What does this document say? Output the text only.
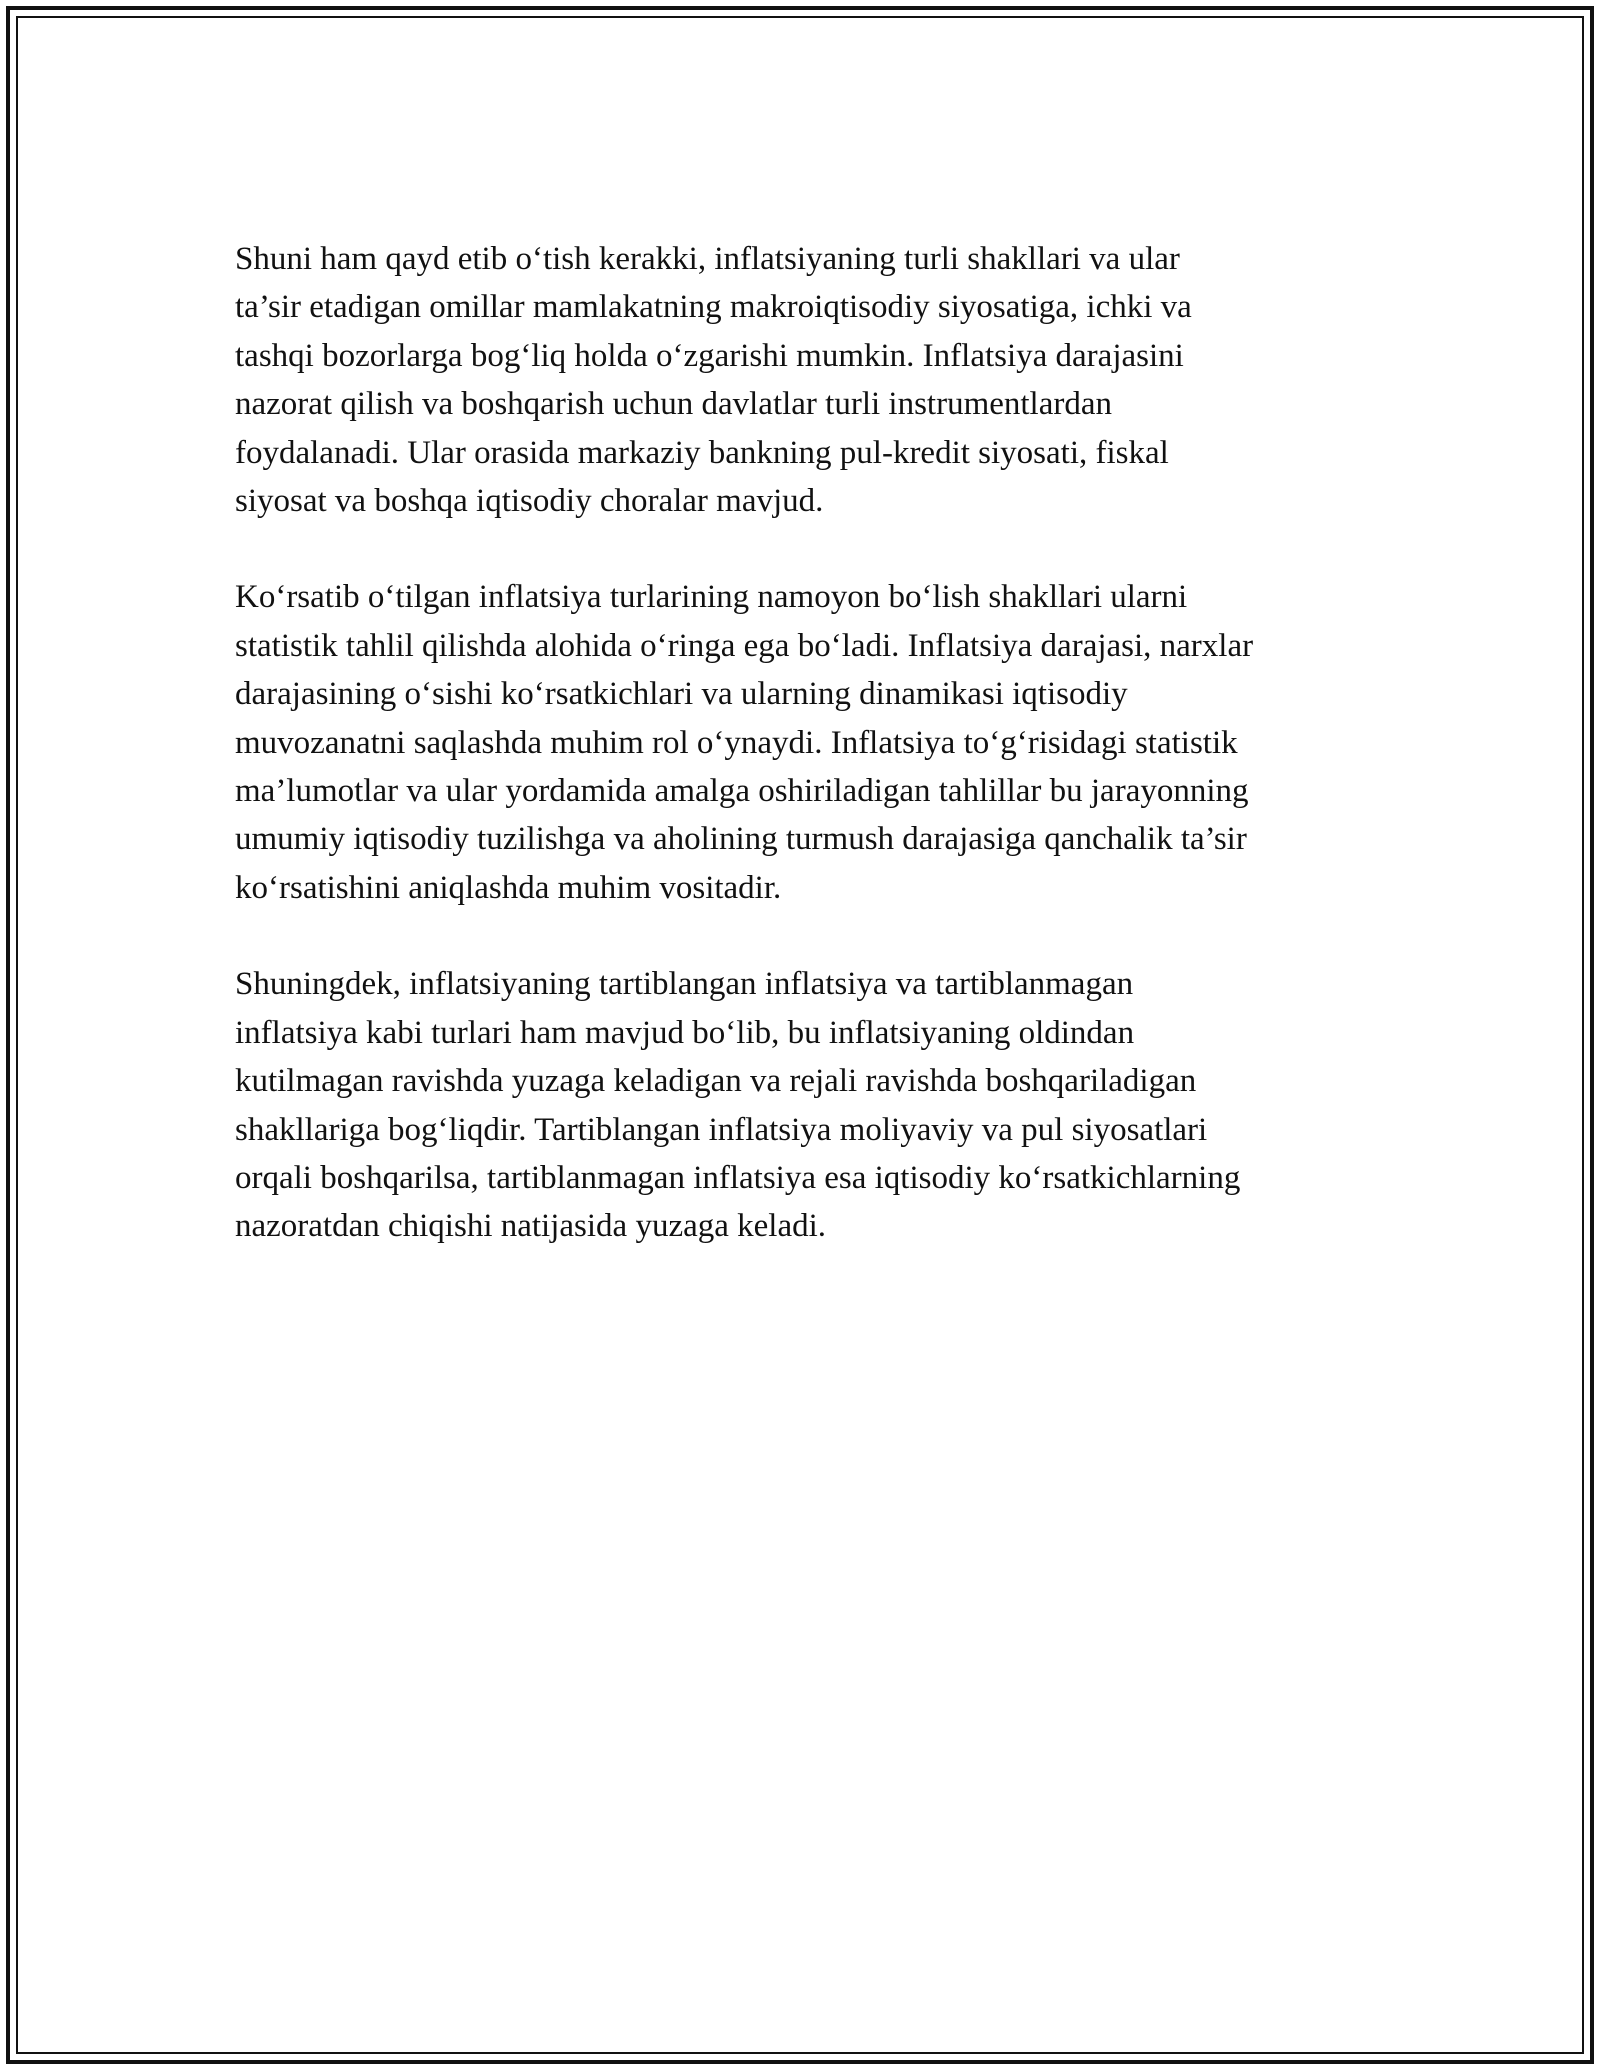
Shuni ham qayd etib o‘tish kerakki, inflatsiyaning turli shakllari va ular
ta’sir etadigan omillar mamlakatning makroiqtisodiy siyosatiga, ichki va
tashqi bozorlarga bog‘liq holda o‘zgarishi mumkin. Inflatsiya darajasini
nazorat qilish va boshqarish uchun davlatlar turli instrumentlardan
foydalanadi. Ular orasida markaziy bankning pul-kredit siyosati, fiskal
siyosat va boshqa iqtisodiy choralar mavjud.

Ko‘rsatib o‘tilgan inflatsiya turlarining namoyon bo‘lish shakllari ularni
statistik tahlil qilishda alohida o‘ringa ega bo‘ladi. Inflatsiya darajasi, narxlar
darajasining o‘sishi ko‘rsatkichlari va ularning dinamikasi iqtisodiy
muvozanatni saqlashda muhim rol o‘ynaydi. Inflatsiya to‘g‘risidagi statistik
ma’lumotlar va ular yordamida amalga oshiriladigan tahlillar bu jarayonning
umumiy iqtisodiy tuzilishga va aholining turmush darajasiga qanchalik ta’sir
ko‘rsatishini aniqlashda muhim vositadir.

Shuningdek, inflatsiyaning tartiblangan inflatsiya va tartiblanmagan
inflatsiya kabi turlari ham mavjud bo‘lib, bu inflatsiyaning oldindan
kutilmagan ravishda yuzaga keladigan va rejali ravishda boshqariladigan
shakllariga bog‘liqdir. Tartiblangan inflatsiya moliyaviy va pul siyosatlari
orqali boshqarilsa, tartiblanmagan inflatsiya esa iqtisodiy ko‘rsatkichlarning
nazoratdan chiqishi natijasida yuzaga keladi.
